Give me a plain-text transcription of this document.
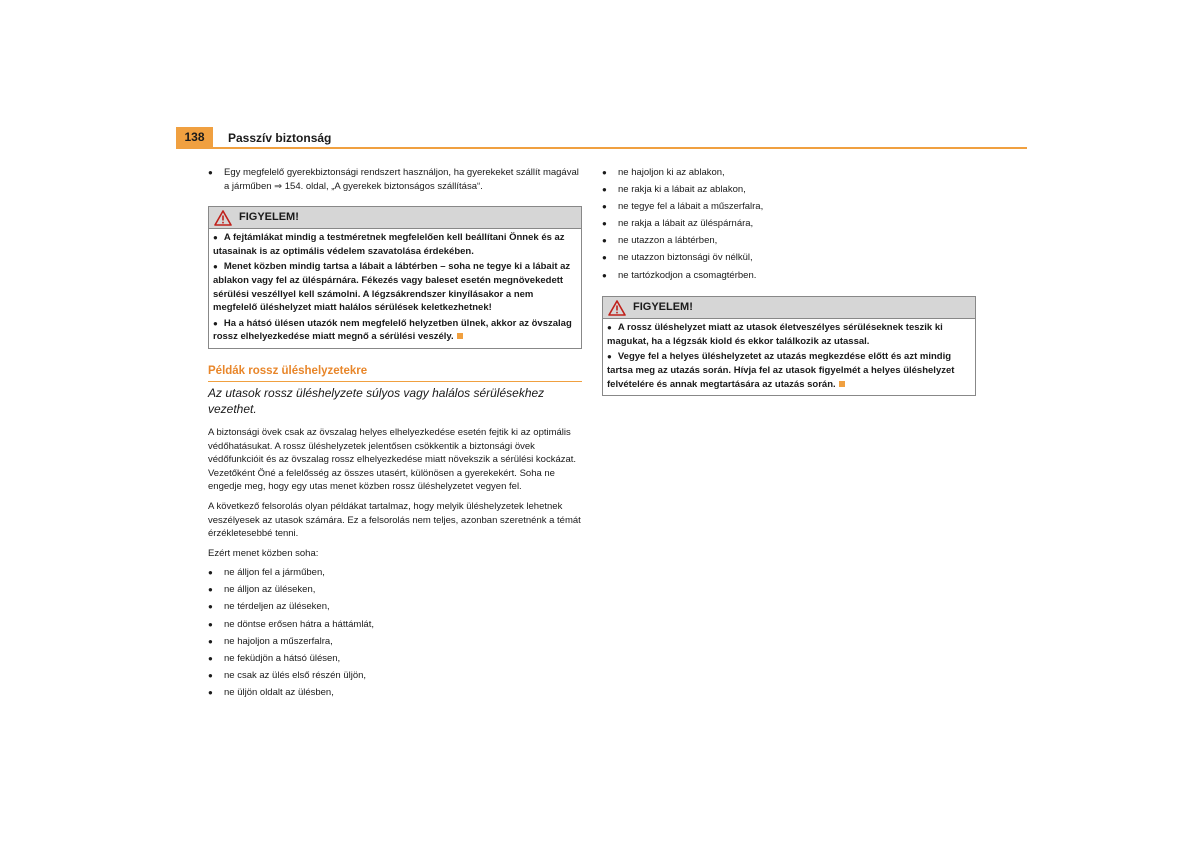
138	Passzív biztonság
● Egy megfelelő gyerekbiztonsági rendszert használjon, ha gyerekeket szállít magával a járműben ⇒ 154. oldal, „A gyerekek biztonságos szállítása“.
FIGYELEM!

● A fejtámlákat mindig a testméretnek megfelelően kell beállítani Önnek és az utasainak is az optimális védelem szavatolása érdekében.

● Menet közben mindig tartsa a lábait a lábtérben – soha ne tegye ki a lábait az ablakon vagy fel az üléspárnára. Fékezés vagy baleset esetén megnövekedett sérülési veszéllyel kell számolni. A légzsákrendszer kinyílásakor a nem megfelelő üléshelyzet miatt halálos sérülések keletkezhetnek!

● Ha a hátsó ülésen utazók nem megfelelő helyzetben ülnek, akkor az övszalag rossz elhelyezkedése miatt megnő a sérülési veszély.

Példák rossz üléshelyzetekre
Az utasok rossz üléshelyzete súlyos vagy halálos sérülésekhez vezethet.

A biztonsági övek csak az övszalag helyes elhelyezkedése esetén fejtik ki az optimális védőhatásukat. A rossz üléshelyzetek jelentősen csökkentik a biztonsági övek védőfunkcióit és az övszalag rossz elhelyezkedése miatt növekszik a sérülési kockázat. Vezetőként Öné a felelősség az összes utasért, különösen a gyerekekért. Soha ne engedje meg, hogy egy utas menet közben rossz üléshelyzetet vegyen fel.

A következő felsorolás olyan példákat tartalmaz, hogy melyik üléshelyzetek lehetnek veszélyesek az utasok számára. Ez a felsorolás nem teljes, azonban szeretnénk a témát érzékletesebbé tenni.

Ezért menet közben soha:

● ne álljon fel a járműben,
● ne álljon az üléseken,
● ne térdeljen az üléseken,
● ne döntse erősen hátra a háttámlát,
● ne hajoljon a műszerfalra,
● ne feküdjön a hátsó ülésen,
● ne csak az ülés első részén üljön,
● ne üljön oldalt az ülésben,
● ne hajoljon ki az ablakon,
● ne rakja ki a lábait az ablakon,
● ne tegye fel a lábait a műszerfalra,
● ne rakja a lábait az üléspárnára,
● ne utazzon a lábtérben,
● ne utazzon biztonsági öv nélkül,
● ne tartózkodjon a csomagtérben.
FIGYELEM!

● A rossz üléshelyzet miatt az utasok életveszélyes sérüléseknek teszik ki magukat, ha a légzsák kiold és ekkor találkozik az utassal.

● Vegye fel a helyes üléshelyzetet az utazás megkezdése előtt és azt mindig tartsa meg az utazás során. Hívja fel az utasok figyelmét a helyes üléshelyzet felvételére és annak megtartására az utazás során.
